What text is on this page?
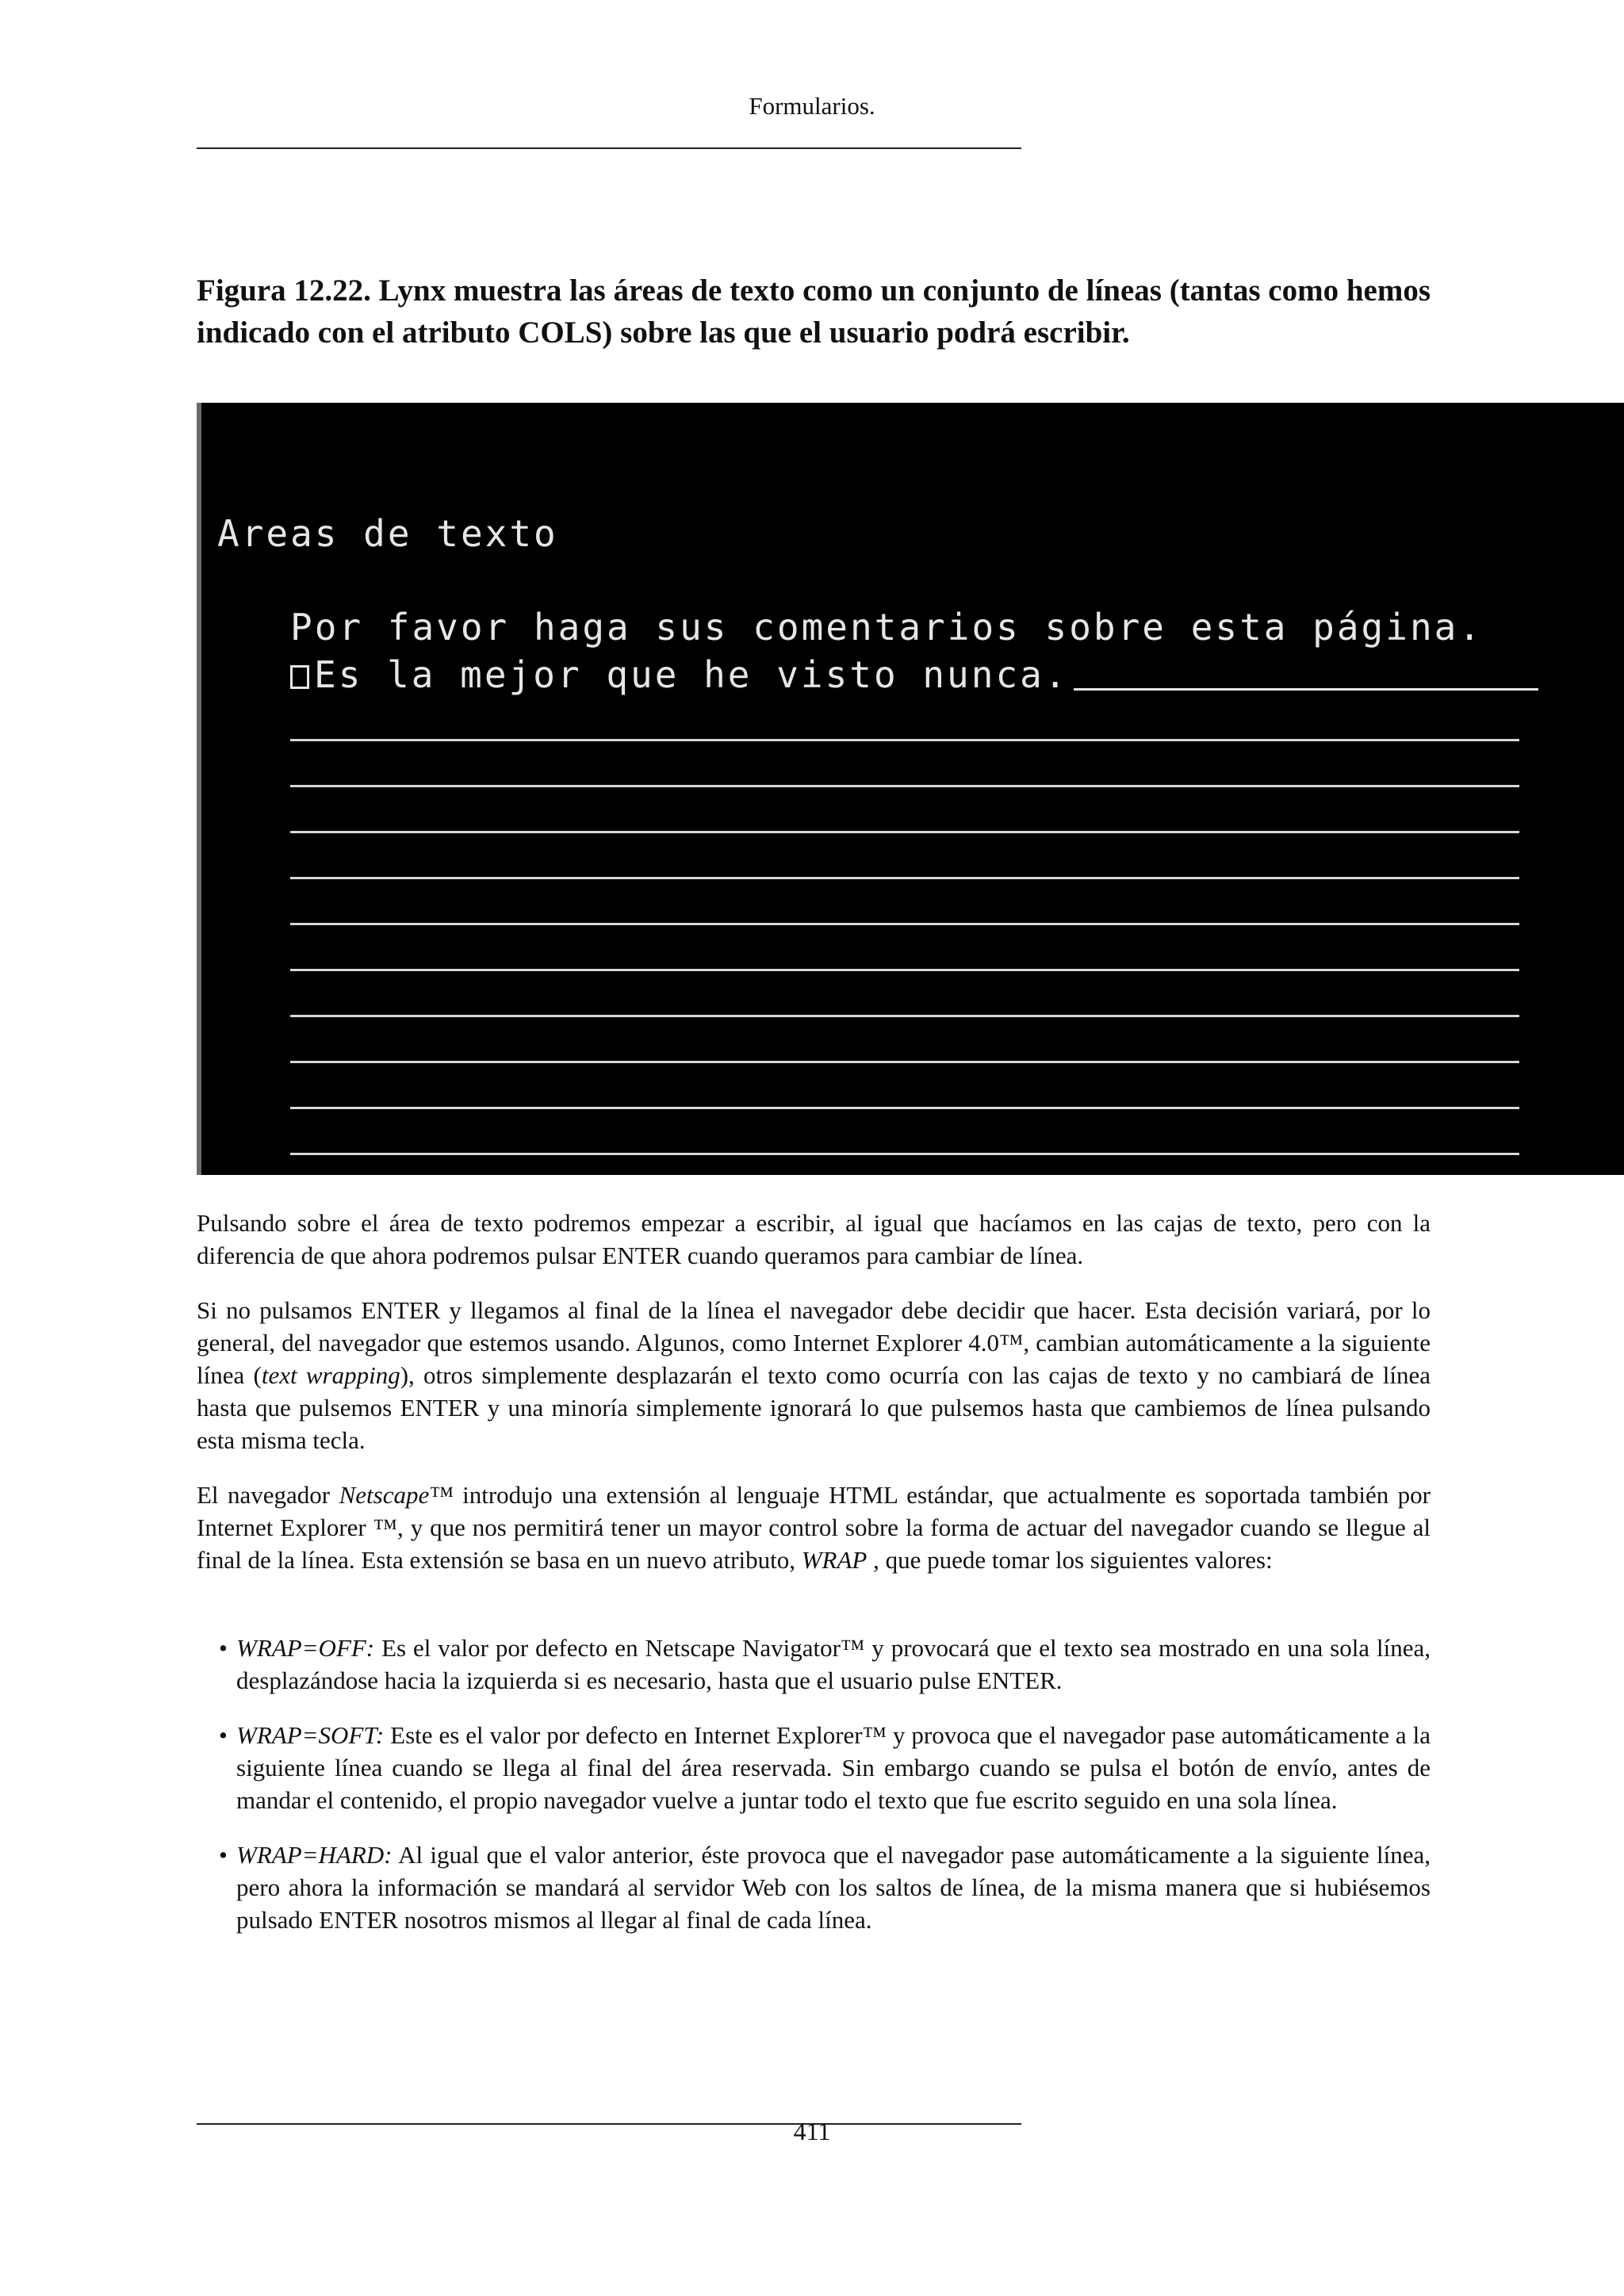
Formularios.
Figura 12.22. Lynx muestra las áreas de texto como un conjunto de líneas (tantas como hemos indicado con el atributo COLS) sobre las que el usuario podrá escribir.
Areas de texto
Por favor haga sus comentarios sobre esta página.
Es la mejor que he visto nunca.

Pulsando sobre el área de texto podremos empezar a escribir, al igual que hacíamos en las cajas de texto, pero con la diferencia de que ahora podremos pulsar ENTER cuando queramos para cambiar de línea.

Si no pulsamos ENTER y llegamos al final de la línea el navegador debe decidir que hacer. Esta decisión variará, por lo general, del navegador que estemos usando. Algunos, como Internet Explorer 4.0™, cambian automáticamente a la siguiente línea (text wrapping), otros simplemente desplazarán el texto como ocurría con las cajas de texto y no cambiará de línea hasta que pulsemos ENTER y una minoría simplemente ignorará lo que pulsemos hasta que cambiemos de línea pulsando esta misma tecla.

El navegador Netscape™ introdujo una extensión al lenguaje HTML estándar, que actualmente es soportada también por Internet Explorer ™, y que nos permitirá tener un mayor control sobre la forma de actuar del navegador cuando se llegue al final de la línea. Esta extensión se basa en un nuevo atributo, WRAP , que puede tomar los siguientes valores:

• WRAP=OFF: Es el valor por defecto en Netscape Navigator™ y provocará que el texto sea mostrado en una sola línea, desplazándose hacia la izquierda si es necesario, hasta que el usuario pulse ENTER.
• WRAP=SOFT: Este es el valor por defecto en Internet Explorer™ y provoca que el navegador pase automáticamente a la siguiente línea cuando se llega al final del área reservada. Sin embargo cuando se pulsa el botón de envío, antes de mandar el contenido, el propio navegador vuelve a juntar todo el texto que fue escrito seguido en una sola línea.
• WRAP=HARD: Al igual que el valor anterior, éste provoca que el navegador pase automáticamente a la siguiente línea, pero ahora la información se mandará al servidor Web con los saltos de línea, de la misma manera que si hubiésemos pulsado ENTER nosotros mismos al llegar al final de cada línea.
411
